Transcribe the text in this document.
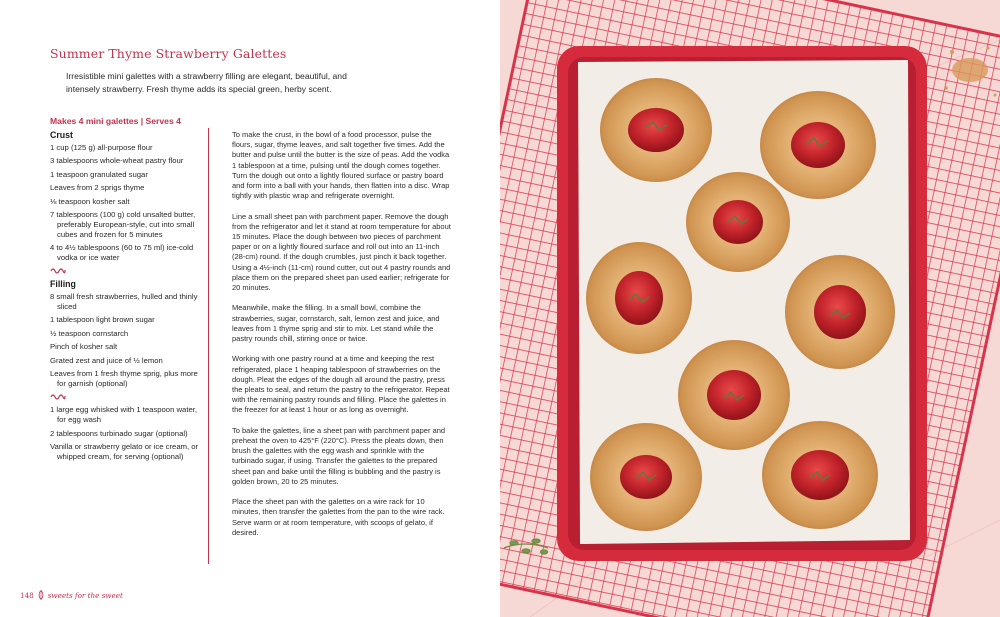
Summer Thyme Strawberry Galettes

Irresistible mini galettes with a strawberry filling are elegant, beautiful, and intensely strawberry. Fresh thyme adds its special green, herby scent.

Makes 4 mini galettes | Serves 4
Crust
1 cup (125 g) all-purpose flour
3 tablespoons whole-wheat pastry flour
1 teaspoon granulated sugar
Leaves from 2 sprigs thyme
⅛ teaspoon kosher salt
7 tablespoons (100 g) cold unsalted butter, preferably European-style, cut into small cubes and frozen for 5 minutes
4 to 4½ tablespoons (60 to 75 ml) ice-cold vodka or ice water
Filling
8 small fresh strawberries, hulled and thinly sliced
1 tablespoon light brown sugar
½ teaspoon cornstarch
Pinch of kosher salt
Grated zest and juice of ½ lemon
Leaves from 1 fresh thyme sprig, plus more for garnish (optional)
1 large egg whisked with 1 teaspoon water, for egg wash
2 tablespoons turbinado sugar (optional)
Vanilla or strawberry gelato or ice cream, or whipped cream, for serving (optional)

To make the crust, in the bowl of a food processor, pulse the flours, sugar, thyme leaves, and salt together five times. Add the butter and pulse until the butter is the size of peas. Add the vodka 1 tablespoon at a time, pulsing until the dough comes together. Turn the dough out onto a lightly floured surface or pastry board and form into a ball with your hands, then flatten into a disc. Wrap tightly with plastic wrap and refrigerate overnight.

Line a small sheet pan with parchment paper. Remove the dough from the refrigerator and let it stand at room temperature for about 15 minutes. Place the dough between two pieces of parchment paper or on a lightly floured surface and roll out into an 11-inch (28-cm) round. If the dough crumbles, just pinch it back together. Using a 4½-inch (11-cm) round cutter, cut out 4 pastry rounds and place them on the prepared sheet pan used earlier; refrigerate for 20 minutes.

Meanwhile, make the filling. In a small bowl, combine the strawberries, sugar, cornstarch, salt, lemon zest and juice, and leaves from 1 thyme sprig and stir to mix. Let stand while the pastry rounds chill, stirring once or twice.

Working with one pastry round at a time and keeping the rest refrigerated, place 1 heaping tablespoon of strawberries on the dough. Pleat the edges of the dough all around the pastry, press the pleats to seal, and return the pastry to the refrigerator. Repeat with the remaining pastry rounds and filling. Place the galettes in the freezer for at least 1 hour or as long as overnight.

To bake the galettes, line a sheet pan with parchment paper and preheat the oven to 425°F (220°C). Press the pleats down, then brush the galettes with the egg wash and sprinkle with the turbinado sugar, if using. Transfer the galettes to the prepared sheet pan and bake until the filling is bubbling and the pastry is golden brown, 20 to 25 minutes.

Place the sheet pan with the galettes on a wire rack for 10 minutes, then transfer the galettes from the pan to the wire rack. Serve warm or at room temperature, with scoops of gelato, if desired.

148 sweets for the sweet
